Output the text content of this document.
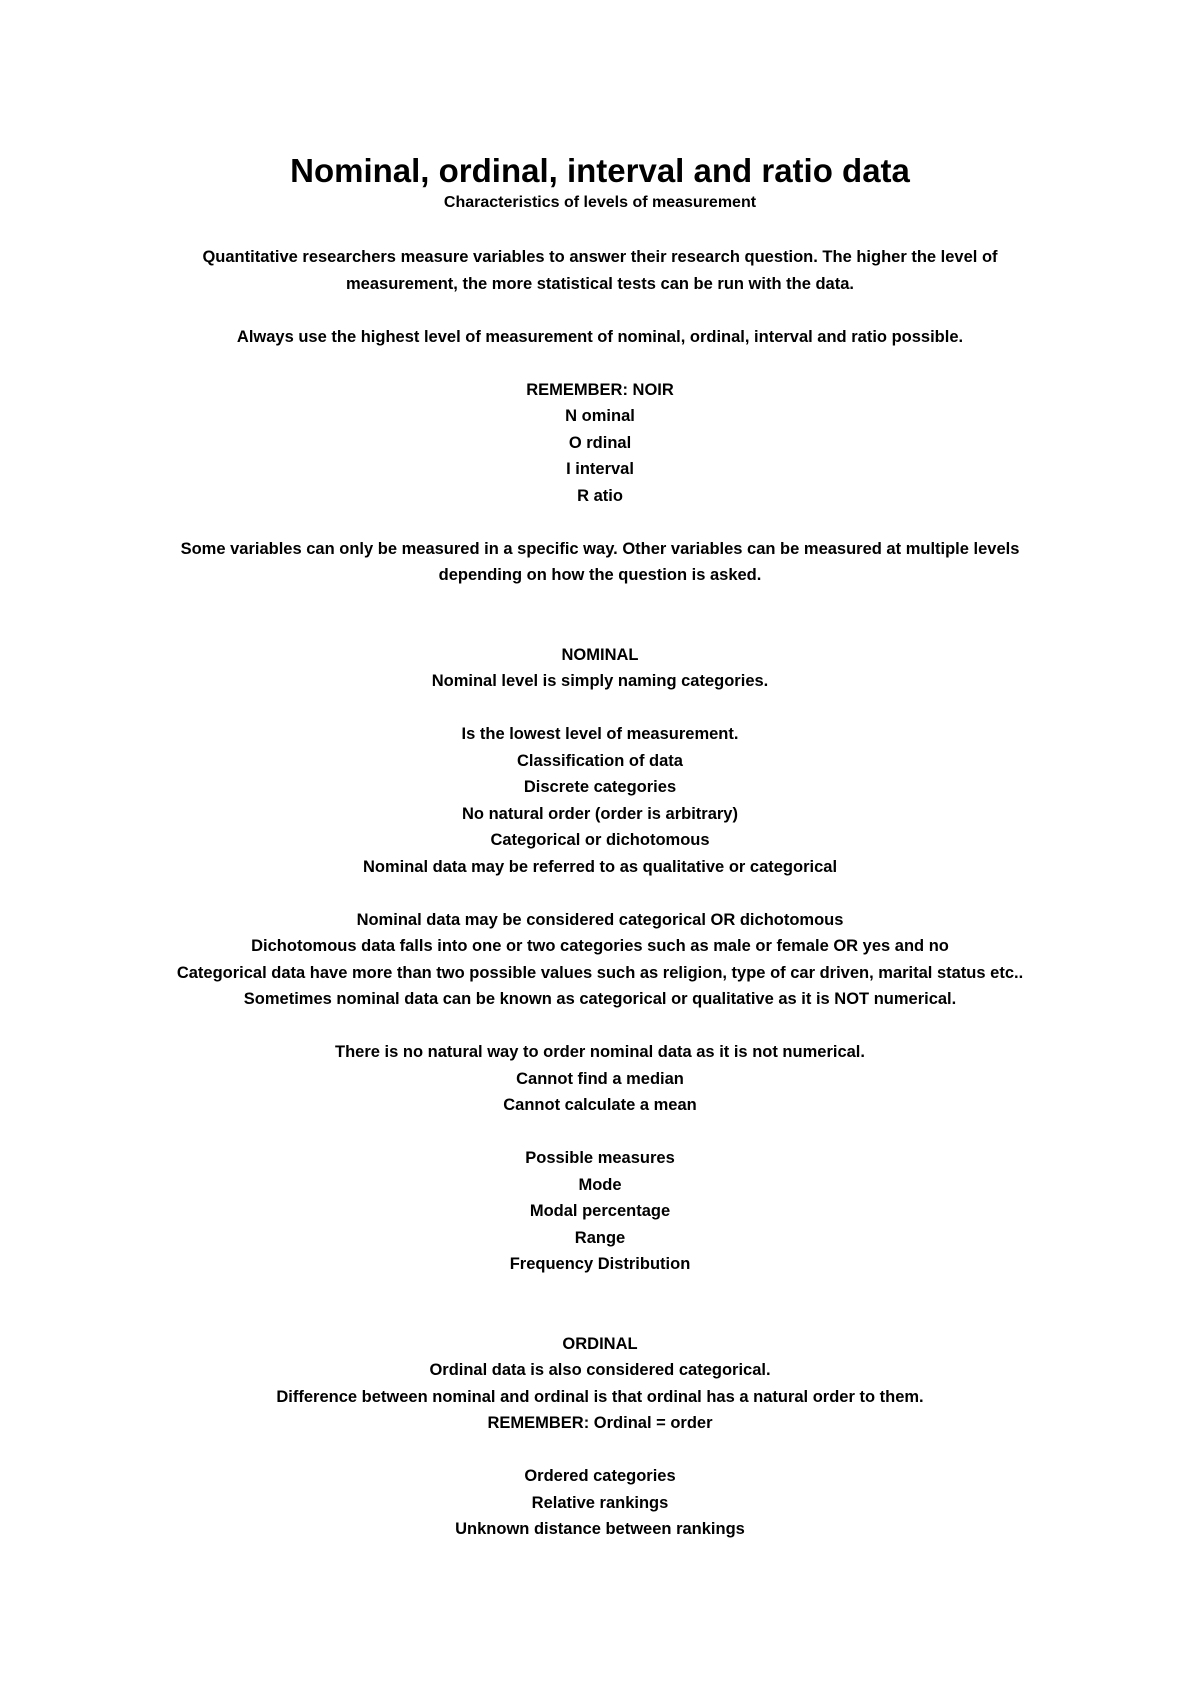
Nominal, ordinal, interval and ratio data

Characteristics of levels of measurement

Quantitative researchers measure variables to answer their research question. The higher the level of

measurement, the more statistical tests can be run with the data.

Always use the highest level of measurement of nominal, ordinal, interval and ratio possible.

REMEMBER: NOIR

N ominal

O rdinal

I interval

R atio

Some variables can only be measured in a specific way. Other variables can be measured at multiple levels

depending on how the question is asked.

NOMINAL

Nominal level is simply naming categories.

Is the lowest level of measurement.

Classification of data

Discrete categories

No natural order (order is arbitrary)

Categorical or dichotomous

Nominal data may be referred to as qualitative or categorical

Nominal data may be considered categorical OR dichotomous

Dichotomous data falls into one or two categories such as male or female OR yes and no

Categorical data have more than two possible values such as religion, type of car driven, marital status etc..

Sometimes nominal data can be known as categorical or qualitative as it is NOT numerical.

There is no natural way to order nominal data as it is not numerical.

Cannot find a median

Cannot calculate a mean

Possible measures

Mode

Modal percentage

Range

Frequency Distribution

ORDINAL

Ordinal data is also considered categorical.

Difference between nominal and ordinal is that ordinal has a natural order to them.

REMEMBER: Ordinal = order

Ordered categories

Relative rankings

Unknown distance between rankings
